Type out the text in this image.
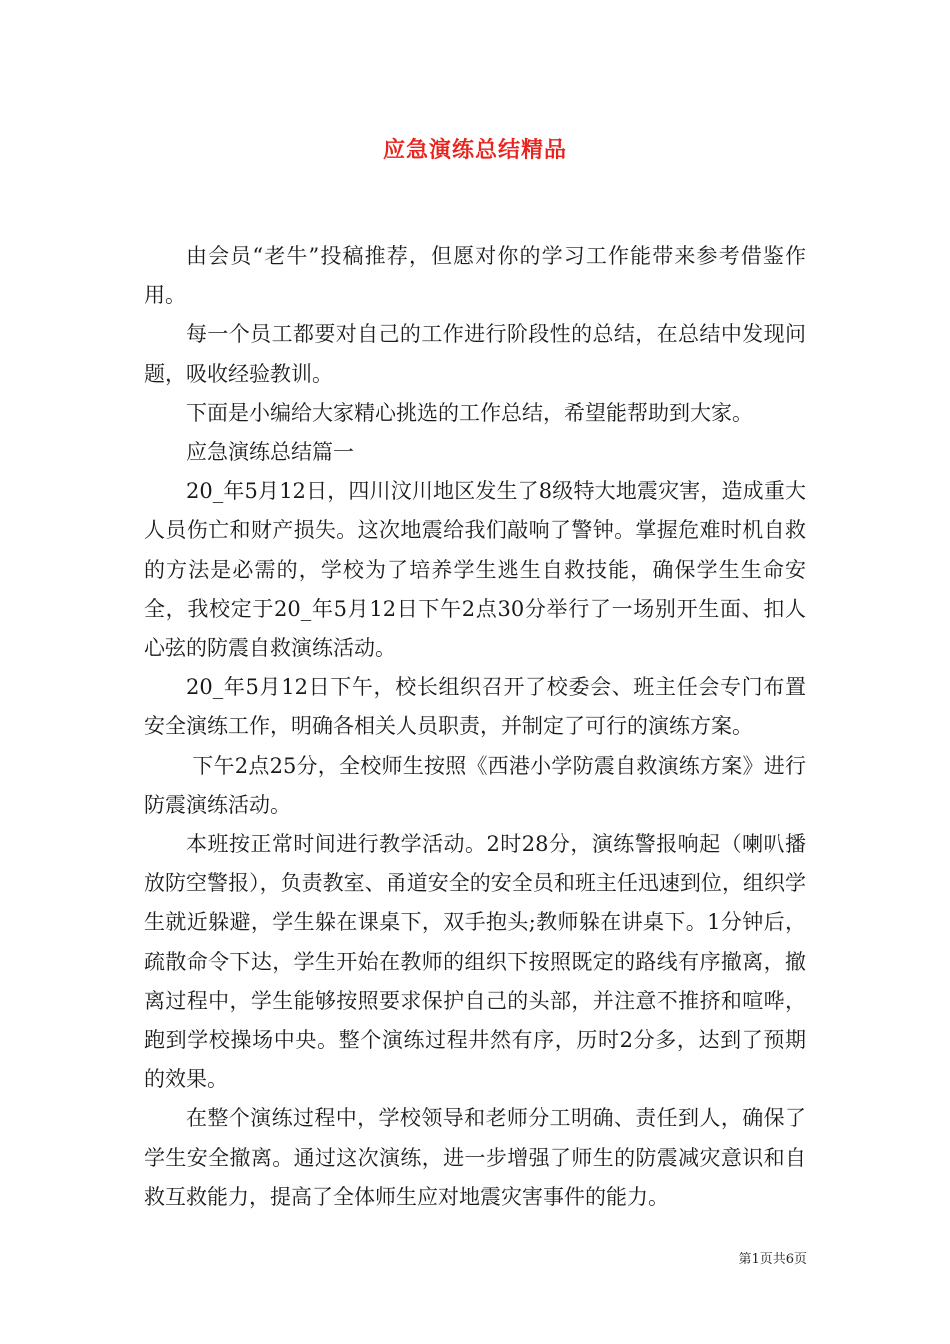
应急演练总结精品

由会员“老牛”投稿推荐，但愿对你的学习工作能带来参考借鉴作用。

每一个员工都要对自己的工作进行阶段性的总结，在总结中发现问题，吸收经验教训。

下面是小编给大家精心挑选的工作总结，希望能帮助到大家。

应急演练总结篇一

20_年5月12日，四川汶川地区发生了8级特大地震灾害，造成重大人员伤亡和财产损失。这次地震给我们敲响了警钟。掌握危难时机自救的方法是必需的，学校为了培养学生逃生自救技能，确保学生生命安全，我校定于20_年5月12日下午2点30分举行了一场别开生面、扣人心弦的防震自救演练活动。

20_年5月12日下午，校长组织召开了校委会、班主任会专门布置安全演练工作，明确各相关人员职责，并制定了可行的演练方案。

下午2点25分，全校师生按照《西港小学防震自救演练方案》进行防震演练活动。

本班按正常时间进行教学活动。2时28分，演练警报响起（喇叭播放防空警报），负责教室、甬道安全的安全员和班主任迅速到位，组织学生就近躲避，学生躲在课桌下，双手抱头;教师躲在讲桌下。1分钟后，疏散命令下达，学生开始在教师的组织下按照既定的路线有序撤离，撤离过程中，学生能够按照要求保护自己的头部，并注意不推挤和喧哗，跑到学校操场中央。整个演练过程井然有序，历时2分多，达到了预期的效果。

在整个演练过程中，学校领导和老师分工明确、责任到人，确保了学生安全撤离。通过这次演练，进一步增强了师生的防震减灾意识和自救互救能力，提高了全体师生应对地震灾害事件的能力。

第1页共6页
